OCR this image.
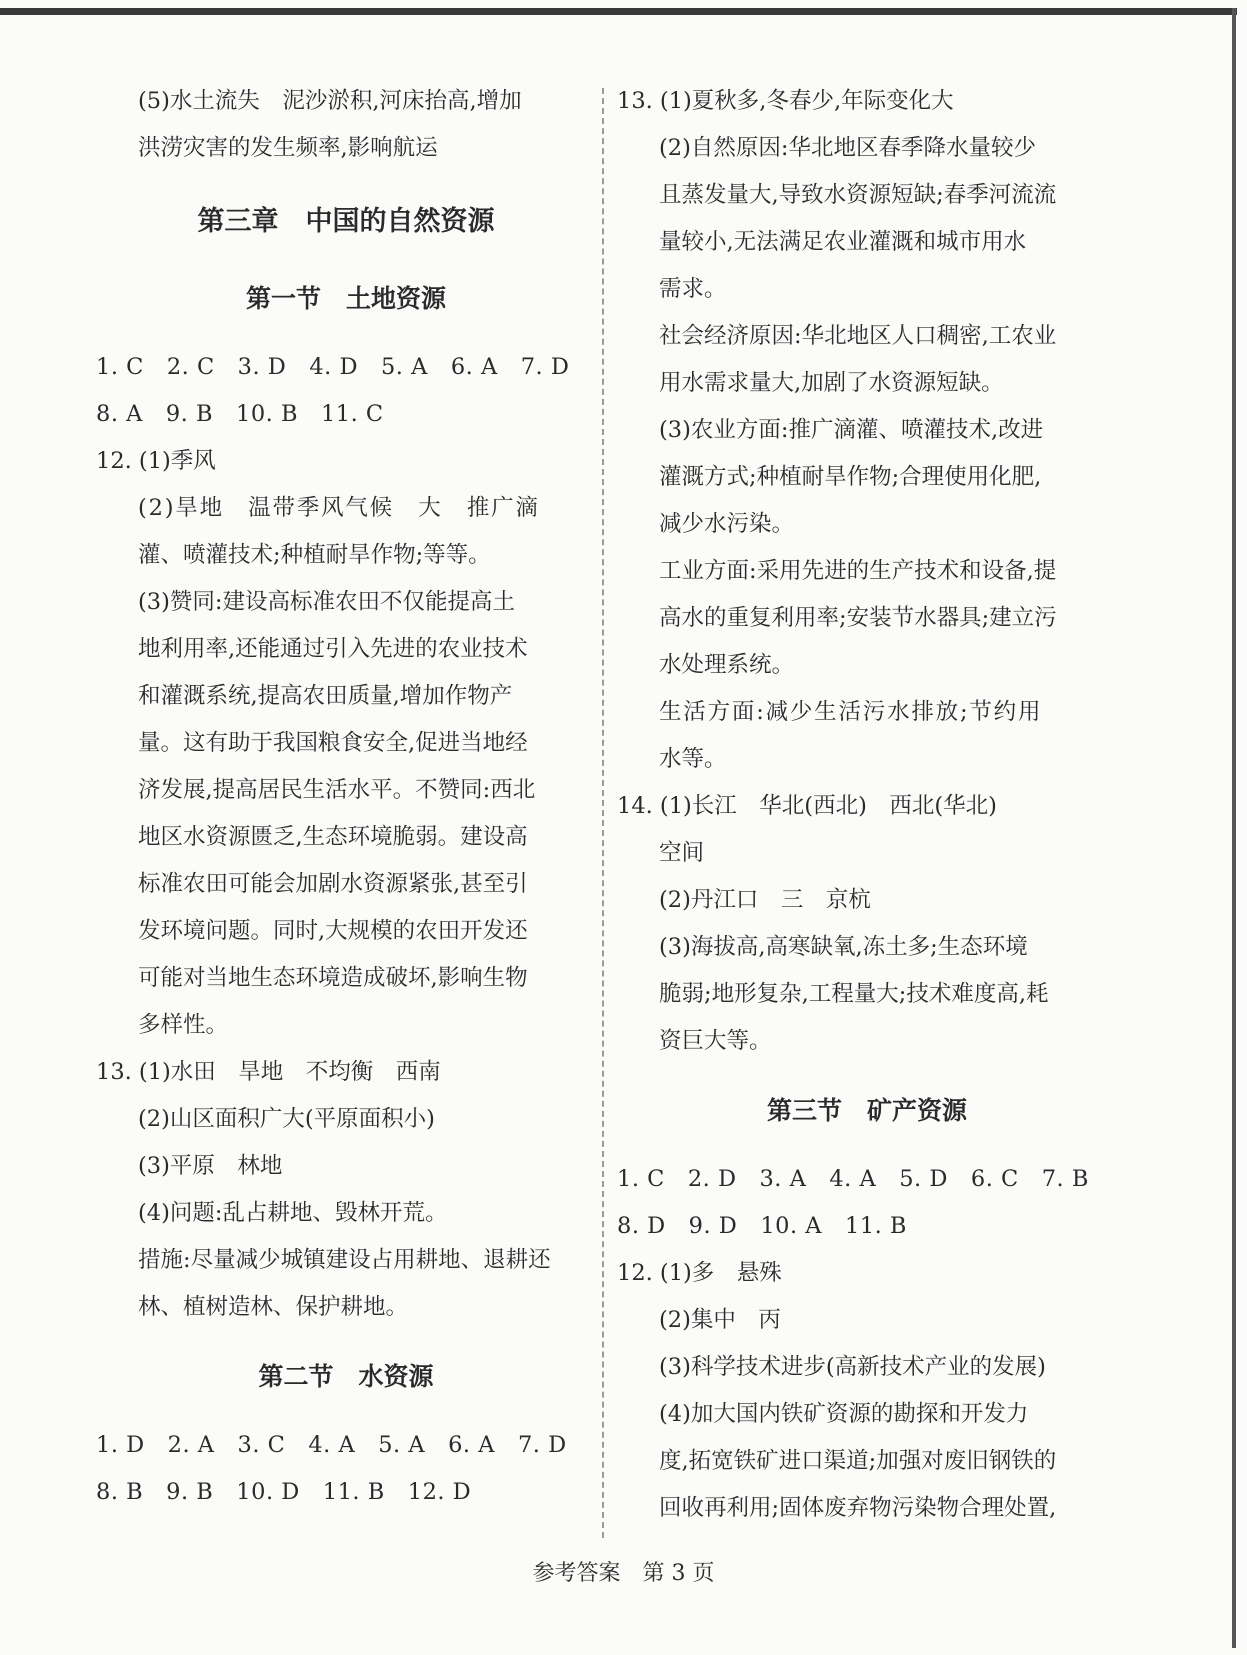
(5)水土流失　泥沙淤积,河床抬高,增加

洪涝灾害的发生频率,影响航运

第三章　中国的自然资源
第一节　土地资源

1. C　2. C　3. D　4. D　5. A　6. A　7. D

8. A　9. B　10. B　11. C

12. (1)季风

(2)旱地　温带季风气候　大　推广滴

灌、喷灌技术;种植耐旱作物;等等。

(3)赞同:建设高标准农田不仅能提高土

地利用率,还能通过引入先进的农业技术

和灌溉系统,提高农田质量,增加作物产

量。这有助于我国粮食安全,促进当地经

济发展,提高居民生活水平。不赞同:西北

地区水资源匮乏,生态环境脆弱。建设高

标准农田可能会加剧水资源紧张,甚至引

发环境问题。同时,大规模的农田开发还

可能对当地生态环境造成破坏,影响生物

多样性。

13. (1)水田　旱地　不均衡　西南

(2)山区面积广大(平原面积小)

(3)平原　林地

(4)问题:乱占耕地、毁林开荒。

措施:尽量减少城镇建设占用耕地、退耕还

林、植树造林、保护耕地。

第二节　水资源

1. D　2. A　3. C　4. A　5. A　6. A　7. D

8. B　9. B　10. D　11. B　12. D

13. (1)夏秋多,冬春少,年际变化大

(2)自然原因:华北地区春季降水量较少

且蒸发量大,导致水资源短缺;春季河流流

量较小,无法满足农业灌溉和城市用水

需求。

社会经济原因:华北地区人口稠密,工农业

用水需求量大,加剧了水资源短缺。

(3)农业方面:推广滴灌、喷灌技术,改进

灌溉方式;种植耐旱作物;合理使用化肥,

减少水污染。

工业方面:采用先进的生产技术和设备,提

高水的重复利用率;安装节水器具;建立污

水处理系统。

生活方面:减少生活污水排放;节约用

水等。

14. (1)长江　华北(西北)　西北(华北)

空间

(2)丹江口　三　京杭

(3)海拔高,高寒缺氧,冻土多;生态环境

脆弱;地形复杂,工程量大;技术难度高,耗

资巨大等。

第三节　矿产资源

1. C　2. D　3. A　4. A　5. D　6. C　7. B

8. D　9. D　10. A　11. B

12. (1)多　悬殊

(2)集中　丙

(3)科学技术进步(高新技术产业的发展)

(4)加大国内铁矿资源的勘探和开发力

度,拓宽铁矿进口渠道;加强对废旧钢铁的

回收再利用;固体废弃物污染物合理处置,

参考答案　第 3 页
